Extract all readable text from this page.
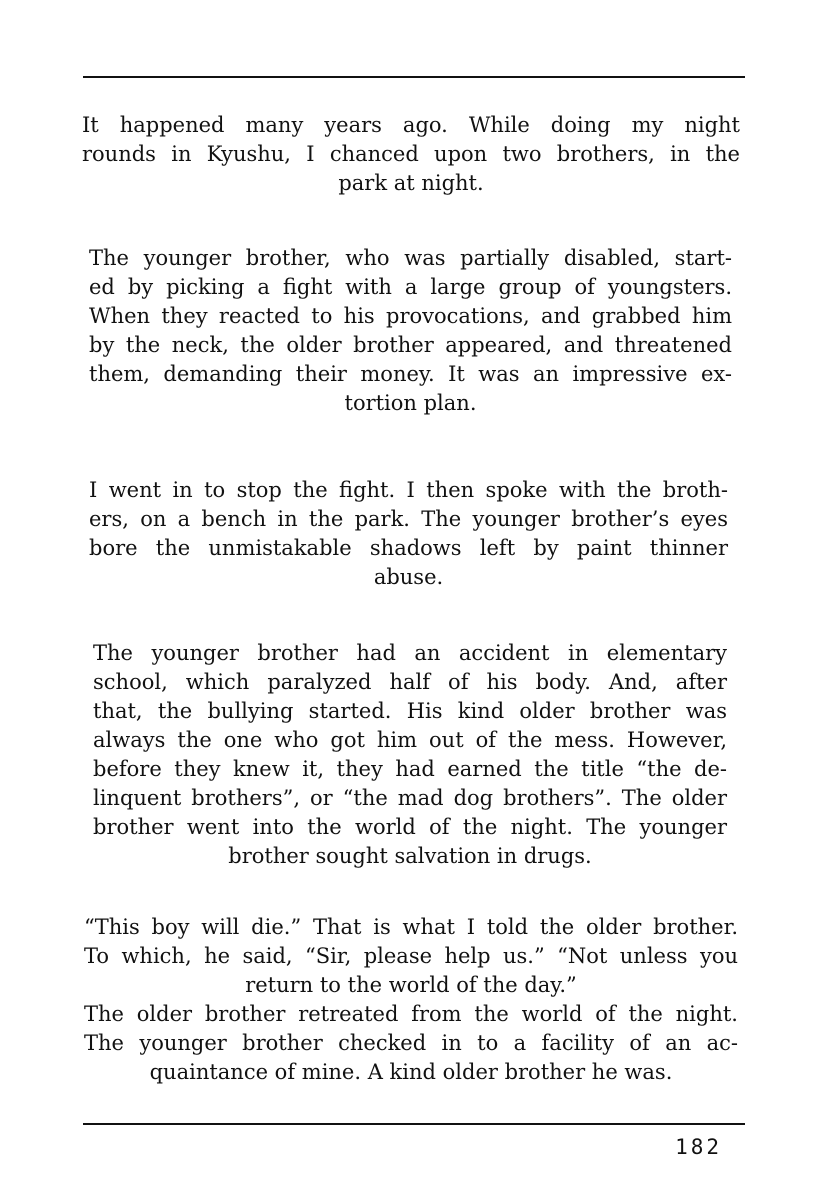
It happened many years ago. While doing my night
rounds in Kyushu, I chanced upon two brothers, in the
park at night.
The younger brother, who was partially disabled, start-
ed by picking a fight with a large group of youngsters.
When they reacted to his provocations, and grabbed him
by the neck, the older brother appeared, and threatened
them, demanding their money. It was an impressive ex-
tortion plan.
I went in to stop the fight. I then spoke with the broth-
ers, on a bench in the park. The younger brother’s eyes
bore the unmistakable shadows left by paint thinner
abuse.
The younger brother had an accident in elementary
school, which paralyzed half of his body. And, after
that, the bullying started. His kind older brother was
always the one who got him out of the mess. However,
before they knew it, they had earned the title “the de-
linquent brothers”, or “the mad dog brothers”. The older
brother went into the world of the night. The younger
brother sought salvation in drugs.
“This boy will die.” That is what I told the older brother.
To which, he said, “Sir, please help us.” “Not unless you
return to the world of the day.”
The older brother retreated from the world of the night.
The younger brother checked in to a facility of an ac-
quaintance of mine. A kind older brother he was.
182
